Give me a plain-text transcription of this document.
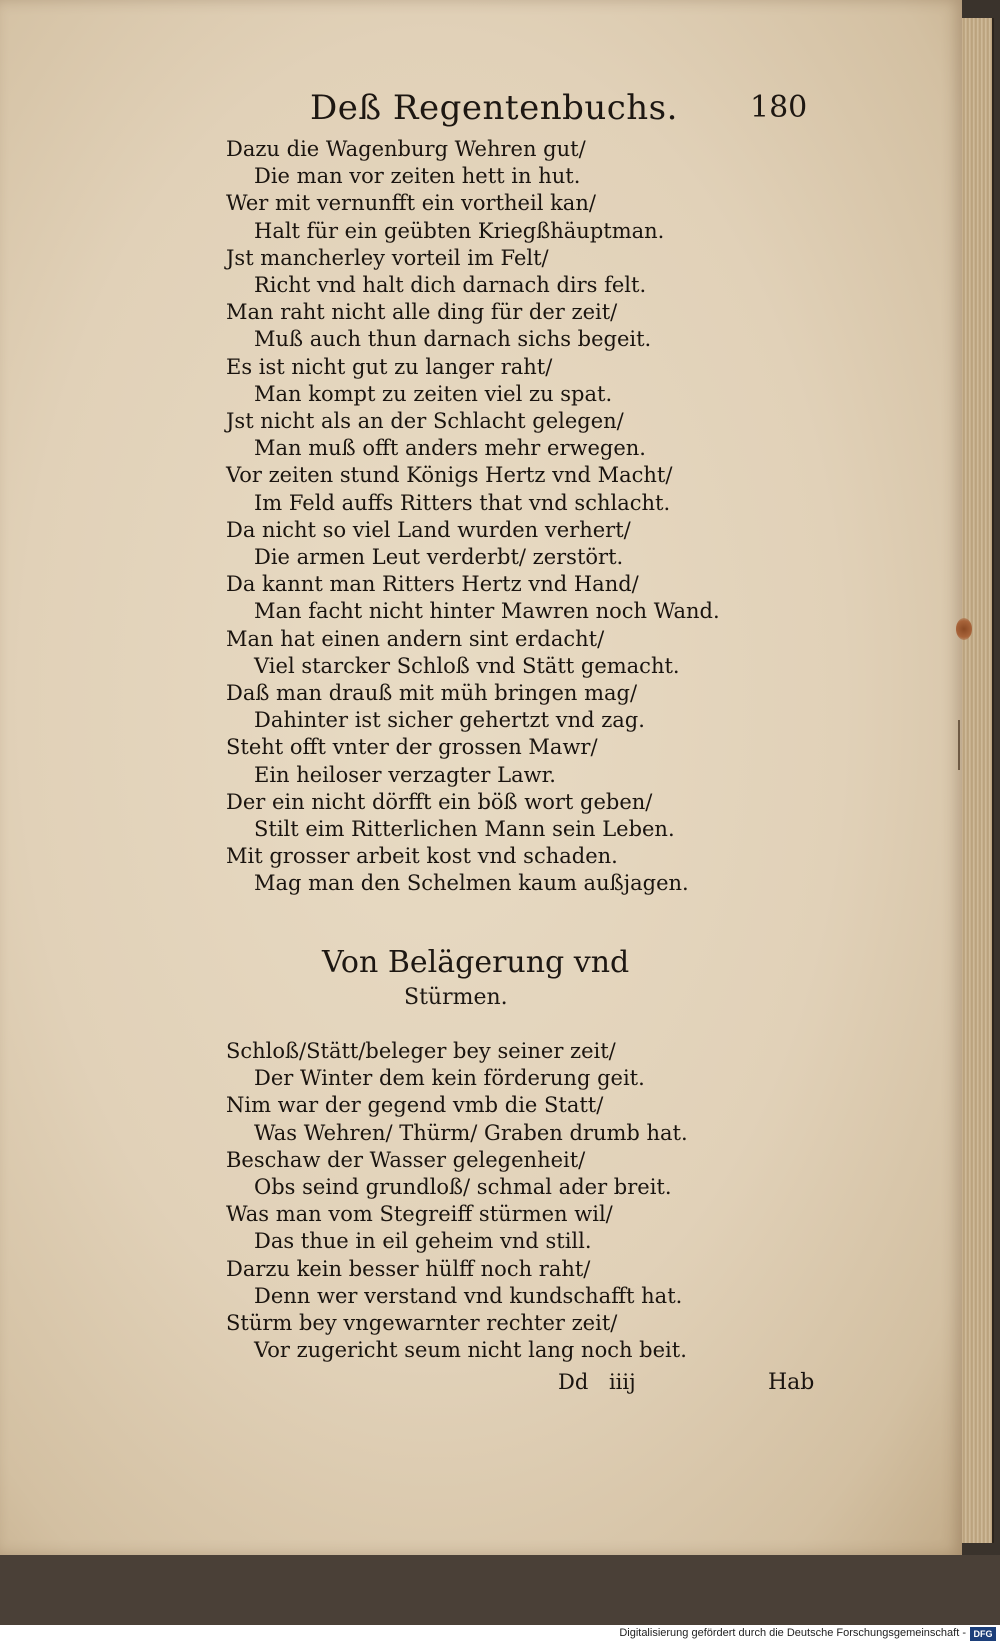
Deß Regentenbuchs. 180
Dazu die Wagenburg Wehren gut/
Die man vor zeiten hett in hut.
Wer mit vernunfft ein vortheil kan/
Halt für ein geübten Kriegßhäuptman.
Jst mancherley vorteil im Felt/
Richt vnd halt dich darnach dirs felt.
Man raht nicht alle ding für der zeit/
Muß auch thun darnach sichs begeit.
Es ist nicht gut zu langer raht/
Man kompt zu zeiten viel zu spat.
Jst nicht als an der Schlacht gelegen/
Man muß offt anders mehr erwegen.
Vor zeiten stund Königs Hertz vnd Macht/
Im Feld auffs Ritters that vnd schlacht.
Da nicht so viel Land wurden verhert/
Die armen Leut verderbt/ zerstört.
Da kannt man Ritters Hertz vnd Hand/
Man facht nicht hinter Mawren noch Wand.
Man hat einen andern sint erdacht/
Viel starcker Schloß vnd Stätt gemacht.
Daß man drauß mit müh bringen mag/
Dahinter ist sicher gehertzt vnd zag.
Steht offt vnter der grossen Mawr/
Ein heiloser verzagter Lawr.
Der ein nicht dörfft ein böß wort geben/
Stilt eim Ritterlichen Mann sein Leben.
Mit grosser arbeit kost vnd schaden.
Mag man den Schelmen kaum außjagen.
Von Belägerung vnd
Stürmen.
Schloß/Stätt/beleger bey seiner zeit/
Der Winter dem kein förderung geit.
Nim war der gegend vmb die Statt/
Was Wehren/ Thürm/ Graben drumb hat.
Beschaw der Wasser gelegenheit/
Obs seind grundloß/ schmal ader breit.
Was man vom Stegreiff stürmen wil/
Das thue in eil geheim vnd still.
Darzu kein besser hülff noch raht/
Denn wer verstand vnd kundschafft hat.
Stürm bey vngewarnter rechter zeit/
Vor zugericht seum nicht lang noch beit.
Dd iiij	Hab
Digitalisierung gefördert durch die Deutsche Forschungsgemeinschaft - DFG
